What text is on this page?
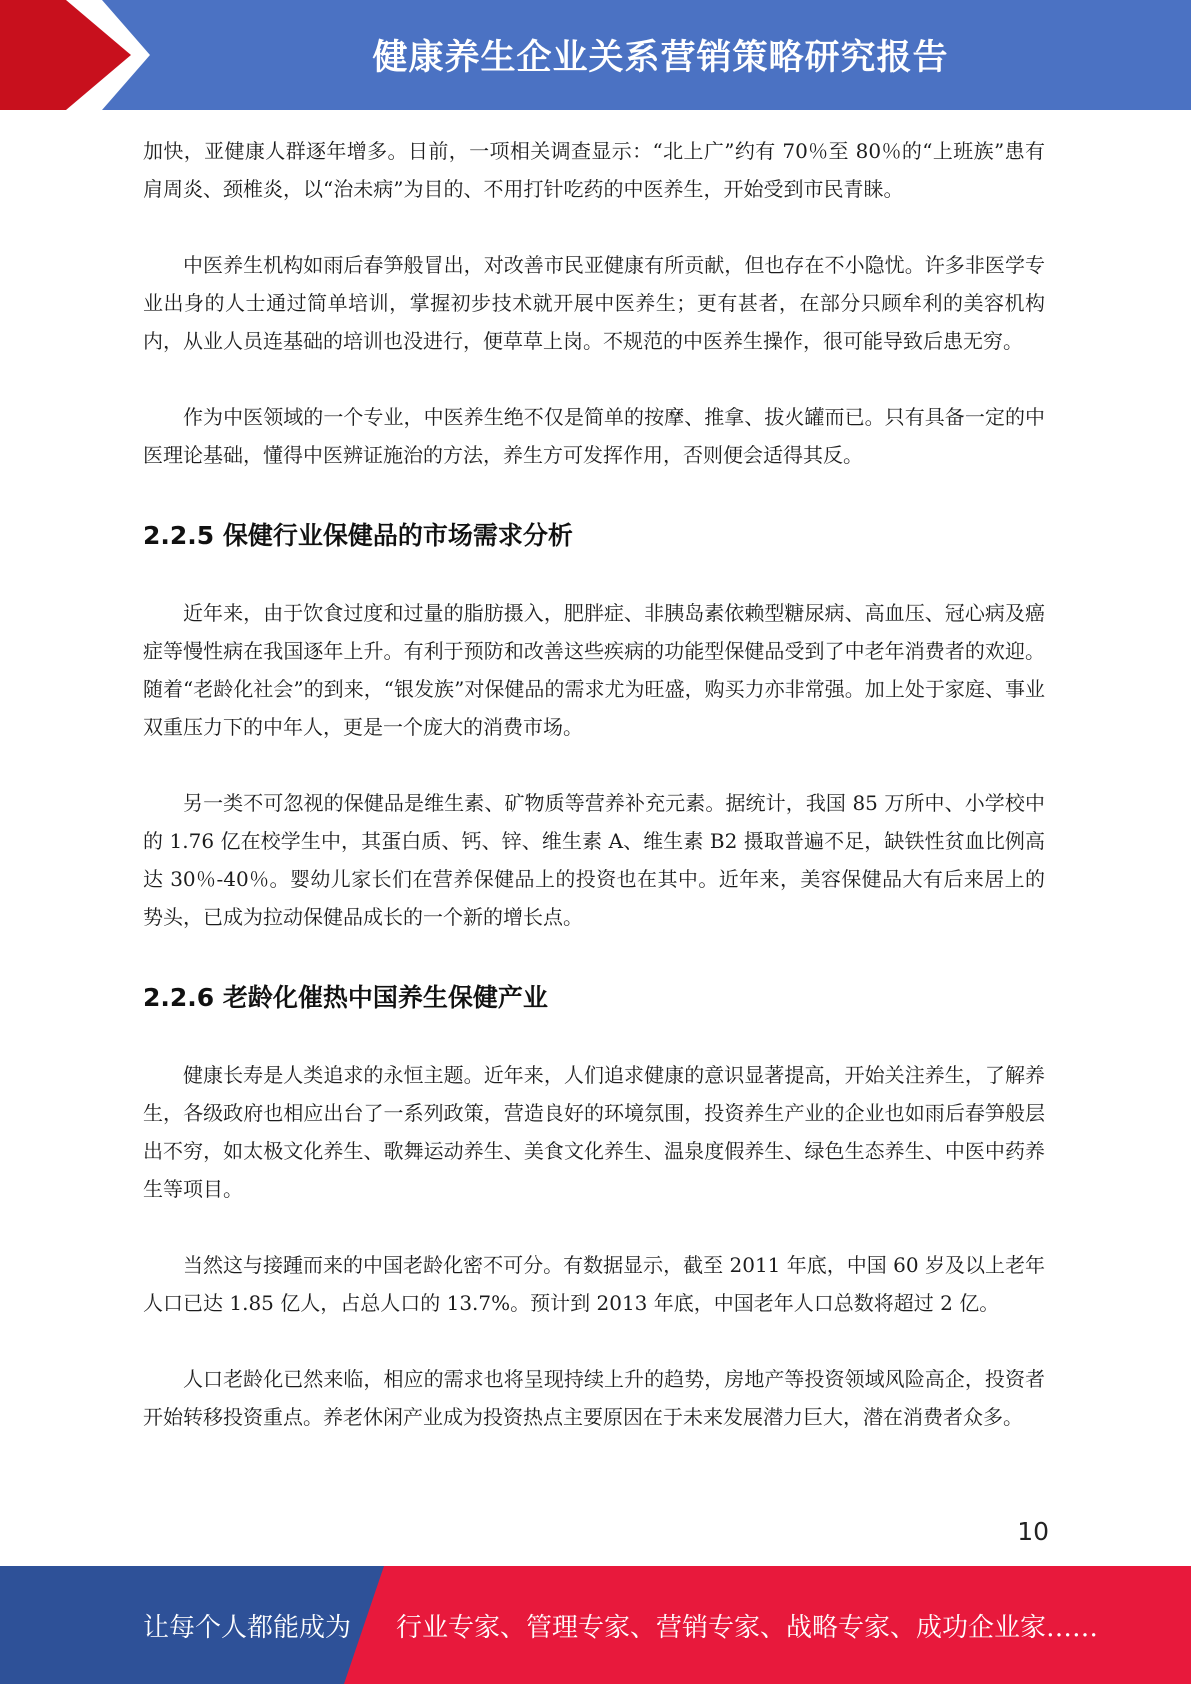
健康养生企业关系营销策略研究报告

加快，亚健康人群逐年增多。日前，一项相关调查显示：“北上广”约有 70％至 80％的“上班族”患有肩周炎、颈椎炎，以“治未病”为目的、不用打针吃药的中医养生，开始受到市民青睐。

中医养生机构如雨后春笋般冒出，对改善市民亚健康有所贡献，但也存在不小隐忧。许多非医学专业出身的人士通过简单培训，掌握初步技术就开展中医养生；更有甚者，在部分只顾牟利的美容机构内，从业人员连基础的培训也没进行，便草草上岗。不规范的中医养生操作，很可能导致后患无穷。

作为中医领域的一个专业，中医养生绝不仅是简单的按摩、推拿、拔火罐而已。只有具备一定的中医理论基础，懂得中医辨证施治的方法，养生方可发挥作用，否则便会适得其反。

2.2.5 保健行业保健品的市场需求分析

近年来，由于饮食过度和过量的脂肪摄入，肥胖症、非胰岛素依赖型糖尿病、高血压、冠心病及癌症等慢性病在我国逐年上升。有利于预防和改善这些疾病的功能型保健品受到了中老年消费者的欢迎。随着“老龄化社会”的到来，“银发族”对保健品的需求尤为旺盛，购买力亦非常强。加上处于家庭、事业双重压力下的中年人，更是一个庞大的消费市场。

另一类不可忽视的保健品是维生素、矿物质等营养补充元素。据统计，我国 85 万所中、小学校中的 1.76 亿在校学生中，其蛋白质、钙、锌、维生素 A、维生素 B2 摄取普遍不足，缺铁性贫血比例高达 30％-40％。婴幼儿家长们在营养保健品上的投资也在其中。近年来，美容保健品大有后来居上的势头，已成为拉动保健品成长的一个新的增长点。

2.2.6 老龄化催热中国养生保健产业

健康长寿是人类追求的永恒主题。近年来，人们追求健康的意识显著提高，开始关注养生，了解养生，各级政府也相应出台了一系列政策，营造良好的环境氛围，投资养生产业的企业也如雨后春笋般层出不穷，如太极文化养生、歌舞运动养生、美食文化养生、温泉度假养生、绿色生态养生、中医中药养生等项目。

当然这与接踵而来的中国老龄化密不可分。有数据显示，截至 2011 年底，中国 60 岁及以上老年人口已达 1.85 亿人，占总人口的 13.7%。预计到 2013 年底，中国老年人口总数将超过 2 亿。

人口老龄化已然来临，相应的需求也将呈现持续上升的趋势，房地产等投资领域风险高企，投资者开始转移投资重点。养老休闲产业成为投资热点主要原因在于未来发展潜力巨大，潜在消费者众多。

10
让每个人都能成为 行业专家、管理专家、营销专家、战略专家、成功企业家……
